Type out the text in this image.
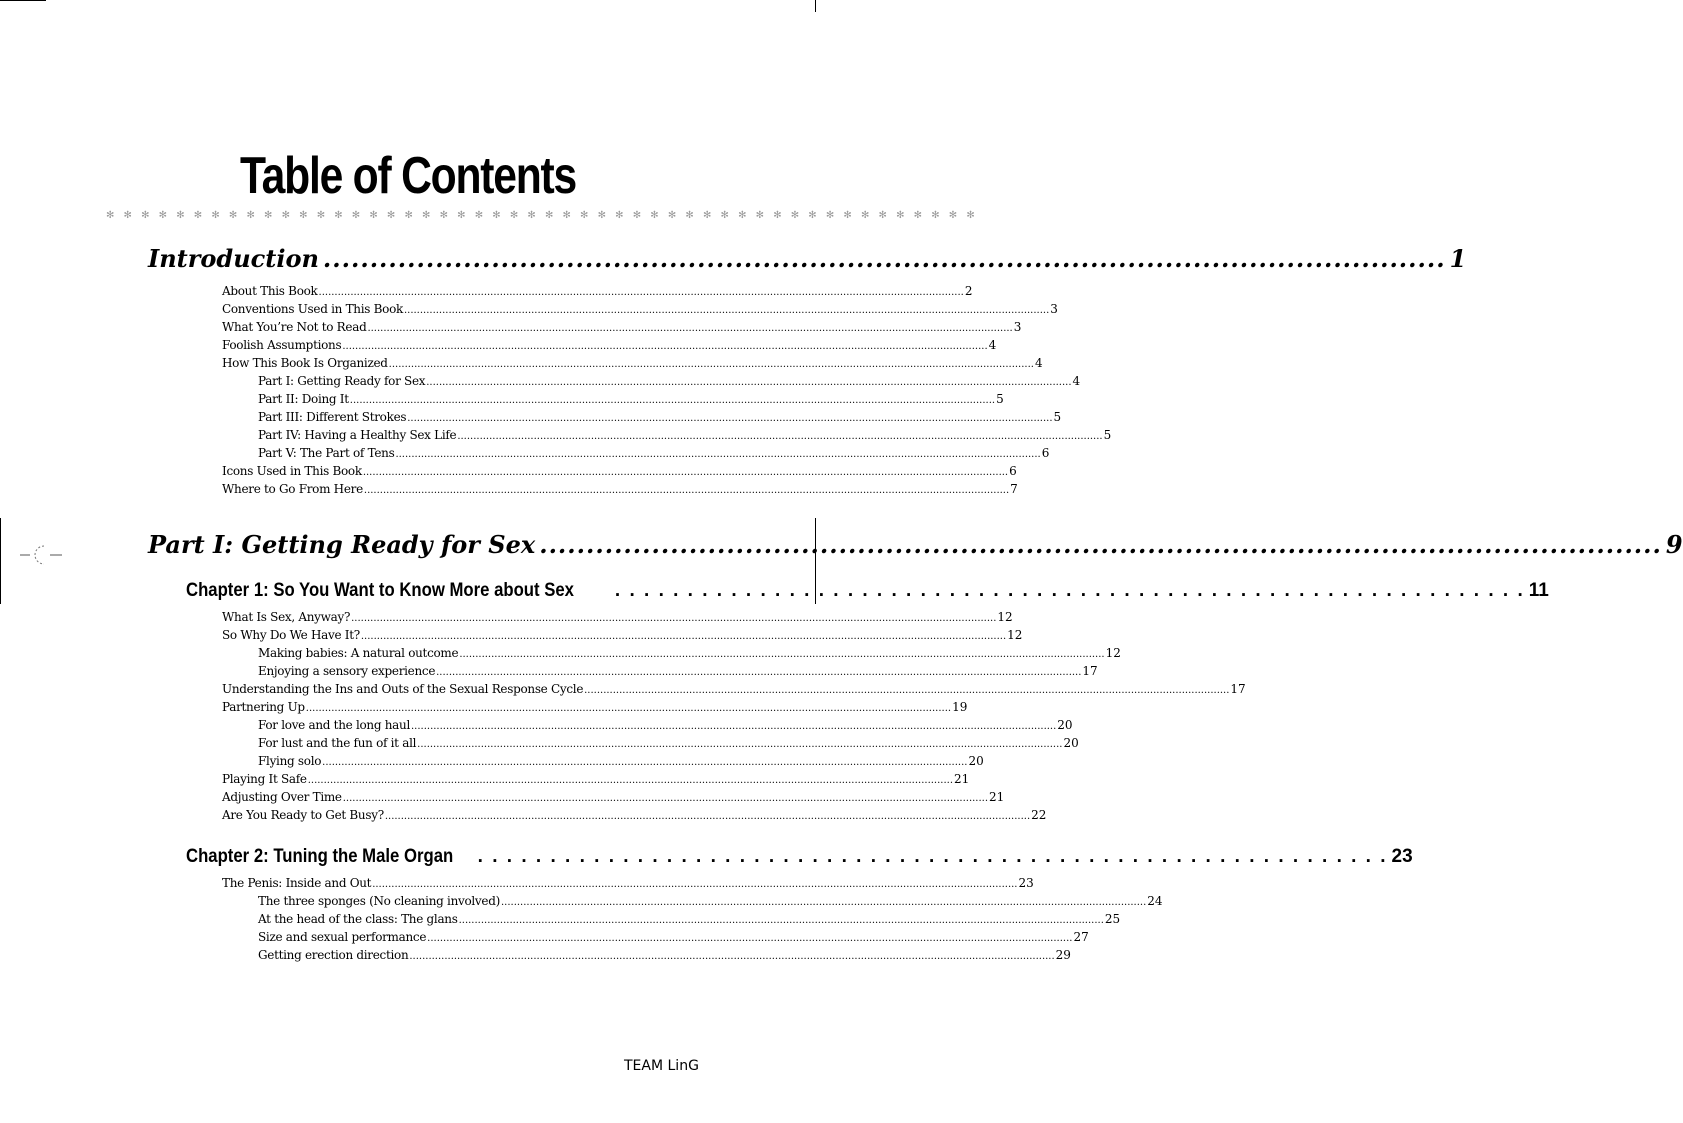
Table of Contents
✻ ✻ ✻ ✻ ✻ ✻ ✻ ✻ ✻ ✻ ✻ ✻ ✻ ✻ ✻ ✻ ✻ ✻ ✻ ✻ ✻ ✻ ✻ ✻ ✻ ✻ ✻ ✻ ✻ ✻ ✻ ✻ ✻ ✻ ✻ ✻ ✻ ✻ ✻ ✻ ✻ ✻ ✻ ✻ ✻ ✻ ✻ ✻ ✻ ✻
Introduction .....	1
About This Book .....	2
Conventions Used in This Book .....	3
What You’re Not to Read .....	3
Foolish Assumptions .....	4
How This Book Is Organized .....	4
Part I: Getting Ready for Sex .....	4
Part II: Doing It .....	5
Part III: Different Strokes .....	5
Part IV: Having a Healthy Sex Life .....	5
Part V: The Part of Tens .....	6
Icons Used in This Book .....	6
Where to Go From Here .....	7
Part I: Getting Ready for Sex .....	9
Chapter 1: So You Want to Know More about Sex . . .	11
What Is Sex, Anyway? .....	12
So Why Do We Have It? .....	12
Making babies: A natural outcome .....	12
Enjoying a sensory experience .....	17
Understanding the Ins and Outs of the Sexual Response Cycle .....	17
Partnering Up .....	19
For love and the long haul .....	20
For lust and the fun of it all .....	20
Flying solo .....	20
Playing It Safe .....	21
Adjusting Over Time .....	21
Are You Ready to Get Busy? .....	22
Chapter 2: Tuning the Male Organ . . .	23
The Penis: Inside and Out .....	23
The three sponges (No cleaning involved) .....	24
At the head of the class: The glans .....	25
Size and sexual performance .....	27
Getting erection direction .....	29
TEAM LinG
